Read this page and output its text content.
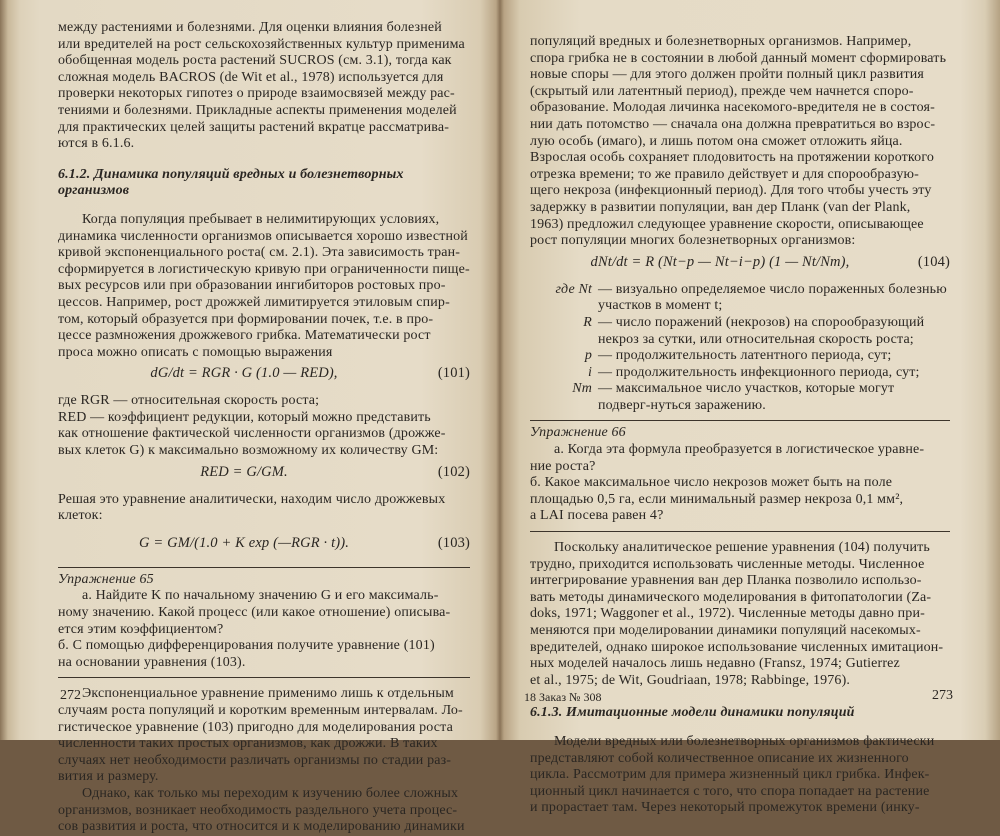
между растениями и болезнями. Для оценки влияния болезней
или вредителей на рост сельскохозяйственных культур применима
обобщенная модель роста растений SUCROS (см. 3.1), тогда как
сложная модель BACROS (de Wit et al., 1978) используется для
проверки некоторых гипотез о природе взаимосвязей между рас-
тениями и болезнями. Прикладные аспекты применения моделей
для практических целей защиты растений вкратце рассматрива-
ются в 6.1.6.

6.1.2. Динамика популяций вредных и болезнетворных организмов

Когда популяция пребывает в нелимитирующих условиях,
динамика численности организмов описывается хорошо известной
кривой экспоненциального роста( см. 2.1). Эта зависимость тран-
сформируется в логистическую кривую при ограниченности пище-
вых ресурсов или при образовании ингибиторов ростовых про-
цессов. Например, рост дрожжей лимитируется этиловым спир-
том, который образуется при формировании почек, т.е. в про-
цессе размножения дрожжевого грибка. Математически рост
проса можно описать с помощью выражения
dG/dt = RGR · G (1.0 — RED),	(101)
где RGR — относительная скорость роста;
RED — коэффициент редукции, который можно представить
как отношение фактической численности организмов (дрожже-
вых клеток G) к максимально возможному их количеству GM:
RED = G/GM.	(102)
Решая это уравнение аналитически, находим число дрожжевых
клеток:
G = GM/(1.0 + K exp (—RGR · t)).	(103)

Упражнение 65

а. Найдите K по начальному значению G и его максималь-
ному значению. Какой процесс (или какое отношение) описыва-
ется этим коэффициентом?
б. С помощью дифференцирования получите уравнение (101)
на основании уравнения (103).
Экспоненциальное уравнение применимо лишь к отдельным
случаям роста популяций и коротким временным интервалам. Ло-
гистическое уравнение (103) пригодно для моделирования роста
численности таких простых организмов, как дрожжи. В таких
случаях нет необходимости различать организмы по стадии раз-
вития и размеру.
Однако, как только мы переходим к изучению более сложных
организмов, возникает необходимость раздельного учета процес-
сов развития и роста, что относится и к моделированию динамики
272
популяций вредных и болезнетворных организмов. Например,
спора грибка не в состоянии в любой данный момент сформировать
новые споры — для этого должен пройти полный цикл развития
(скрытый или латентный период), прежде чем начнется споро-
образование. Молодая личинка насекомого-вредителя не в состоя-
нии дать потомство — сначала она должна превратиться во взрос-
лую особь (имаго), и лишь потом она сможет отложить яйца.
Взрослая особь сохраняет плодовитость на протяжении короткого
отрезка времени; то же правило действует и для спорообразую-
щего некроза (инфекционный период). Для того чтобы учесть эту
задержку в развитии популяции, ван дер Планк (van der Plank,
1963) предложил следующее уравнение скорости, описывающее
рост популяции многих болезнетворных организмов:
dNt/dt = R (Nt−p — Nt−i−p) (1 — Nt/Nm),	(104)
где Nt — визуально определяемое число пораженных болезнью участков в момент t;
R — число поражений (некрозов) на спорообразующий некроз за сутки, или относительная скорость роста;
p — продолжительность латентного периода, сут;
i — продолжительность инфекционного периода, сут;
Nm — максимальное число участков, которые могут подверг-нуться заражению.

Упражнение 66

а. Когда эта формула преобразуется в логистическое уравне-
ние роста?
б. Какое максимальное число некрозов может быть на поле
площадью 0,5 га, если минимальный размер некроза 0,1 мм²,
а LAI посева равен 4?
Поскольку аналитическое решение уравнения (104) получить
трудно, приходится использовать численные методы. Численное
интегрирование уравнения ван дер Планка позволило использо-
вать методы динамического моделирования в фитопатологии (Za-
doks, 1971; Waggoner et al., 1972). Численные методы давно при-
меняются при моделировании динамики популяций насекомых-
вредителей, однако широкое использование численных имитацион-
ных моделей началось лишь недавно (Fransz, 1974; Gutierrez
et al., 1975; de Wit, Goudriaan, 1978; Rabbinge, 1976).

6.1.3. Имитационные модели динамики популяций

Модели вредных или болезнетворных организмов фактически
представляют собой количественное описание их жизненного
цикла. Рассмотрим для примера жизненный цикл грибка. Инфек-
ционный цикл начинается с того, что спора попадает на растение
и прорастает там. Через некоторый промежуток времени (инку-
18 Заказ № 308	273
